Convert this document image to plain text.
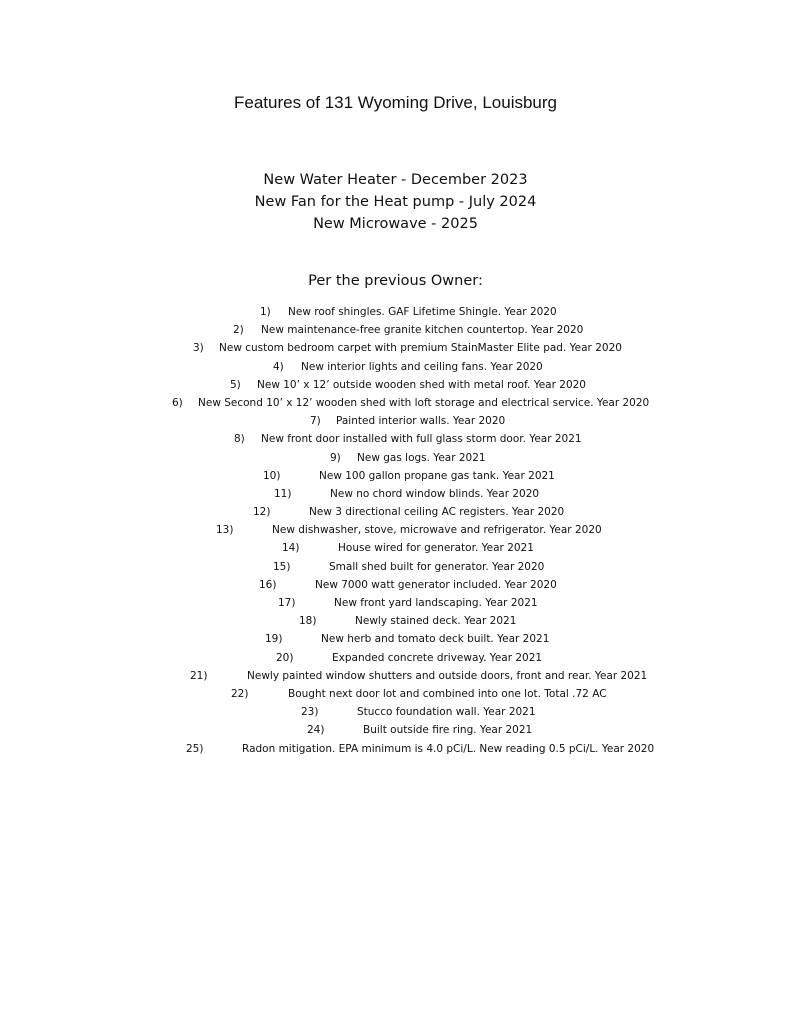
Features of 131 Wyoming Drive, Louisburg
New Water Heater - December 2023
New Fan for the Heat pump - July 2024
New Microwave - 2025
Per the previous Owner:
1) New roof shingles. GAF Lifetime Shingle. Year 2020
2) New maintenance-free granite kitchen countertop. Year 2020
3) New custom bedroom carpet with premium StainMaster Elite pad. Year 2020
4) New interior lights and ceiling fans. Year 2020
5) New 10’ x 12’ outside wooden shed with metal roof. Year 2020
6) New Second 10’ x 12’ wooden shed with loft storage and electrical service. Year 2020
7) Painted interior walls. Year 2020
8) New front door installed with full glass storm door. Year 2021
9) New gas logs. Year 2021
10)	New 100 gallon propane gas tank. Year 2021
11)	New no chord window blinds. Year 2020
12)	New 3 directional ceiling AC registers. Year 2020
13)	New dishwasher, stove, microwave and refrigerator. Year 2020
14)	House wired for generator. Year 2021
15)	Small shed built for generator. Year 2020
16)	New 7000 watt generator included. Year 2020
17)	New front yard landscaping. Year 2021
18)	Newly stained deck. Year 2021
19)	New herb and tomato deck built. Year 2021
20)	Expanded concrete driveway. Year 2021
21)	Newly painted window shutters and outside doors, front and rear. Year 2021
22)	Bought next door lot and combined into one lot. Total .72 AC
23)	Stucco foundation wall. Year 2021
24)	Built outside fire ring. Year 2021
25)	Radon mitigation. EPA minimum is 4.0 pCi/L. New reading 0.5 pCi/L. Year 2020
